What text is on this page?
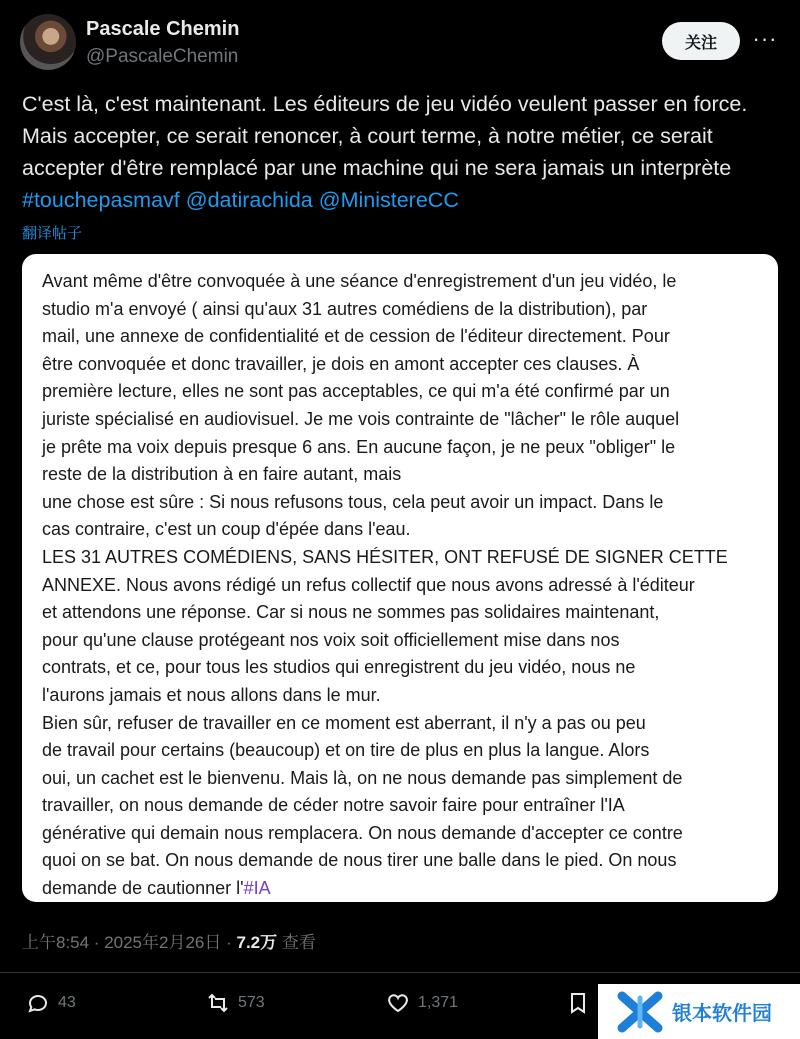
Pascale Chemin
@PascaleChemin
关注	···
C'est là, c'est maintenant. Les éditeurs de jeu vidéo veulent passer en force. Mais accepter, ce serait renoncer, à court terme, à notre métier, ce serait accepter d'être remplacé par une machine qui ne sera jamais un interprète #touchepasmavf @datirachida @MinistereCC
翻译帖子
Avant même d'être convoquée à une séance d'enregistrement d'un jeu vidéo, le
studio m'a envoyé ( ainsi qu'aux 31 autres comédiens de la distribution), par
mail, une annexe de confidentialité et de cession de l'éditeur directement. Pour
être convoquée et donc travailler, je dois en amont accepter ces clauses. À
première lecture, elles ne sont pas acceptables, ce qui m'a été confirmé par un
juriste spécialisé en audiovisuel. Je me vois contrainte de "lâcher" le rôle auquel
je prête ma voix depuis presque 6 ans. En aucune façon, je ne peux "obliger" le
reste de la distribution à en faire autant, mais
une chose est sûre : Si nous refusons tous, cela peut avoir un impact. Dans le
cas contraire, c'est un coup d'épée dans l'eau.
LES 31 AUTRES COMÉDIENS, SANS HÉSITER, ONT REFUSÉ DE SIGNER CETTE
ANNEXE. Nous avons rédigé un refus collectif que nous avons adressé à l'éditeur
et attendons une réponse. Car si nous ne sommes pas solidaires maintenant,
pour qu'une clause protégeant nos voix soit officiellement mise dans nos
contrats, et ce, pour tous les studios qui enregistrent du jeu vidéo, nous ne
l'aurons jamais et nous allons dans le mur.
Bien sûr, refuser de travailler en ce moment est aberrant, il n'y a pas ou peu
de travail pour certains (beaucoup) et on tire de plus en plus la langue. Alors
oui, un cachet est le bienvenu. Mais là, on ne nous demande pas simplement de
travailler, on nous demande de céder notre savoir faire pour entraîner l'IA
générative qui demain nous remplacera. On nous demande d'accepter ce contre
quoi on se bat. On nous demande de nous tirer une balle dans le pied. On nous
demande de cautionner l'#IA
上午8:54 · 2025年2月26日 · 7.2万 查看
43	573	1,371
银本软件园
